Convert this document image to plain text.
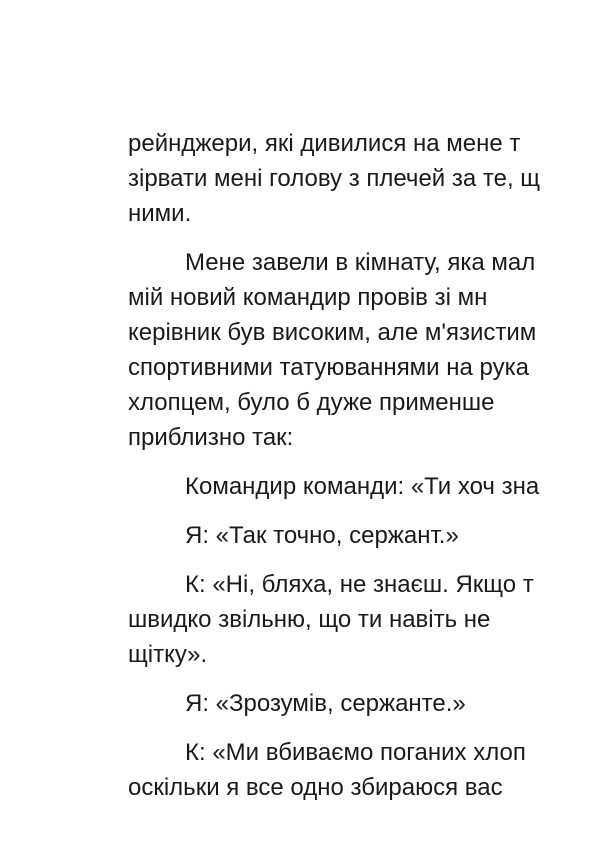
рейнджери, які дивилися на мене т
зірвати мені голову з плечей за те, щ
ними.
Мене завели в кімнату, яка мал
мій новий командир провів зі мн
керівник був високим, але м'язистим
спортивними татуюваннями на рука
хлопцем, було б дуже применше
приблизно так:
Командир команди: «Ти хоч зна
Я: «Так точно, сержант.»
К: «Ні, бляха, не знаєш. Якщо т
швидко звільню, що ти навіть не
щітку».
Я: «Зрозумів, сержанте.»
К: «Ми вбиваємо поганих хлоп
оскільки я все одно збираюся вас
